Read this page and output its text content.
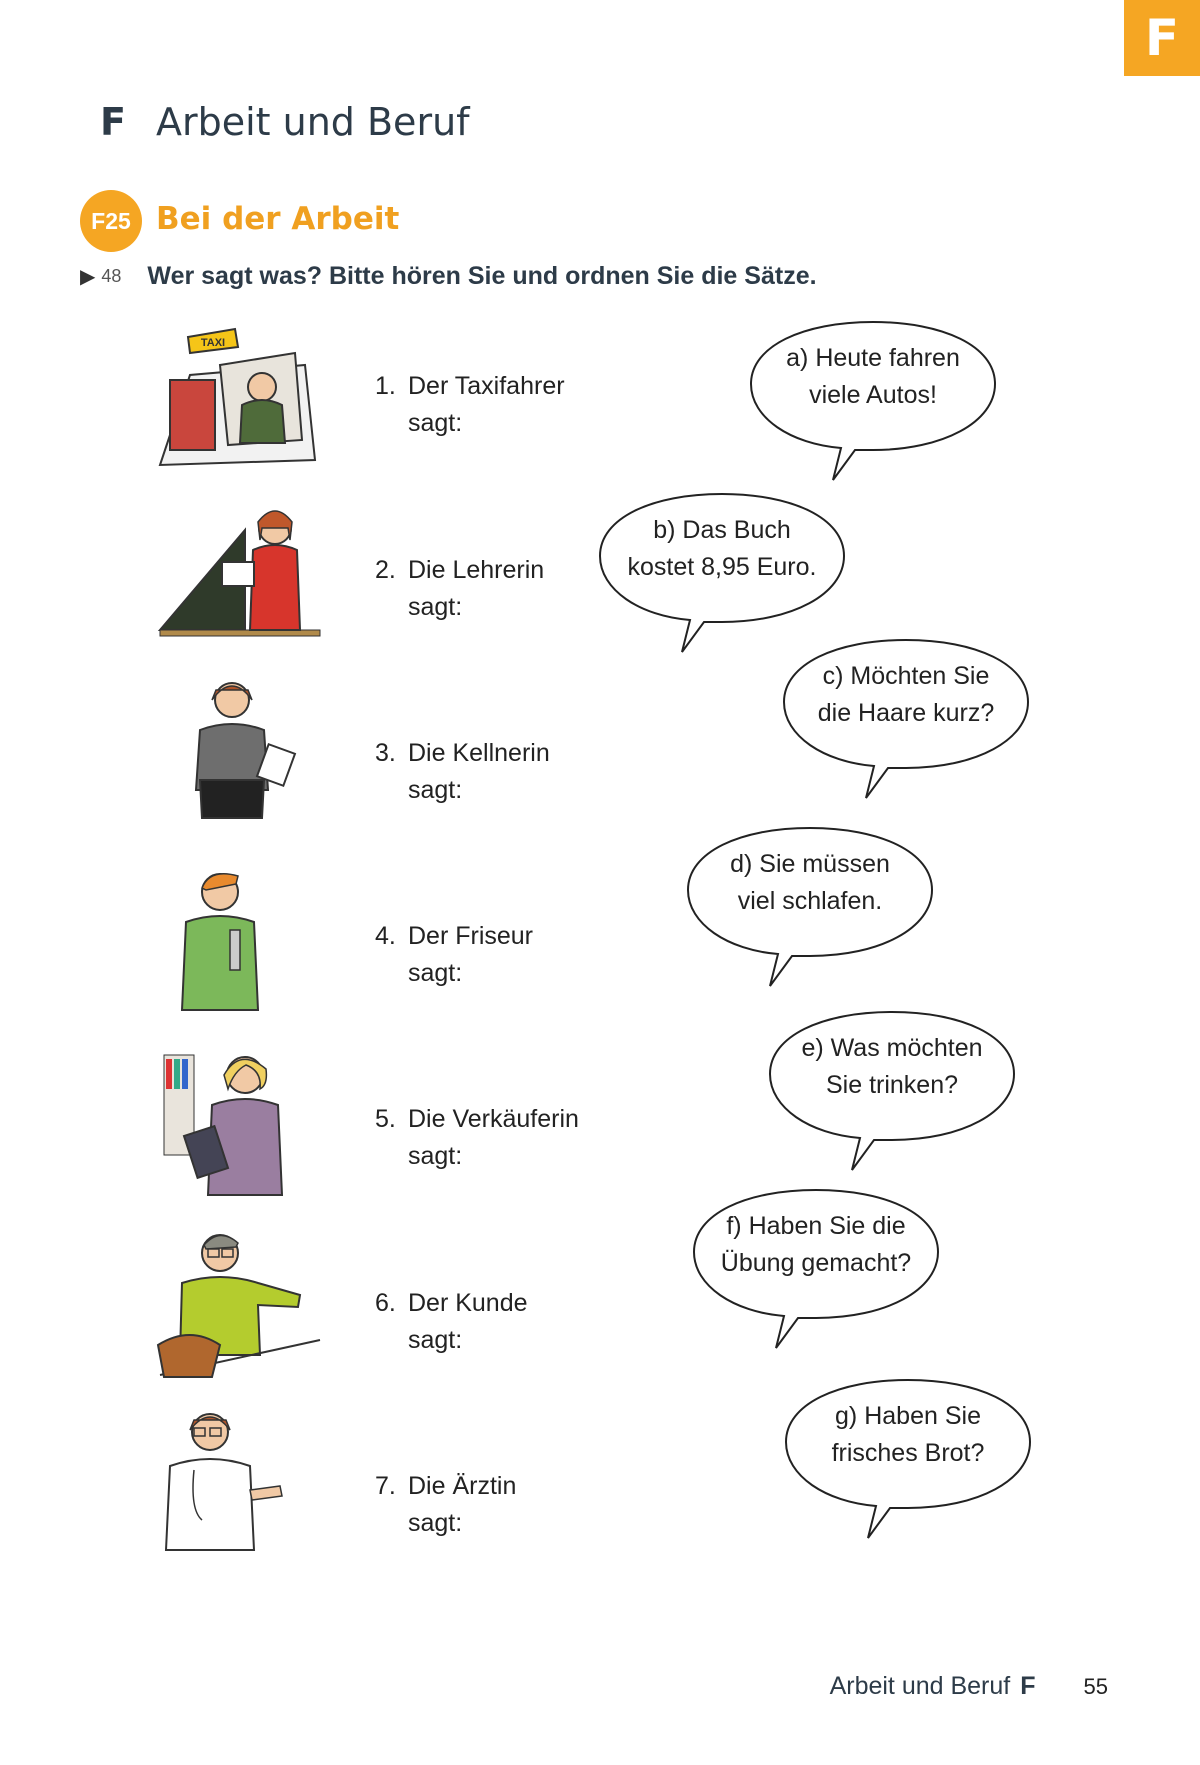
F
F Arbeit und Beruf
F25 Bei der Arbeit
▶ 48 Wer sagt was? Bitte hören Sie und ordnen Sie die Sätze.
TAXI
1. Der Taxifahrer
sagt:
2. Die Lehrerin
sagt:
3. Die Kellnerin
sagt:
4. Der Friseur
sagt:
5. Die Verkäuferin
sagt:
6. Der Kunde
sagt:
7. Die Ärztin
sagt:
a) Heute fahren
viele Autos!
b) Das Buch
kostet 8,95 Euro.
c) Möchten Sie
die Haare kurz?
d) Sie müssen
viel schlafen.
e) Was möchten
Sie trinken?
f) Haben Sie die
Übung gemacht?
g) Haben Sie
frisches Brot?
Arbeit und Beruf F 55
